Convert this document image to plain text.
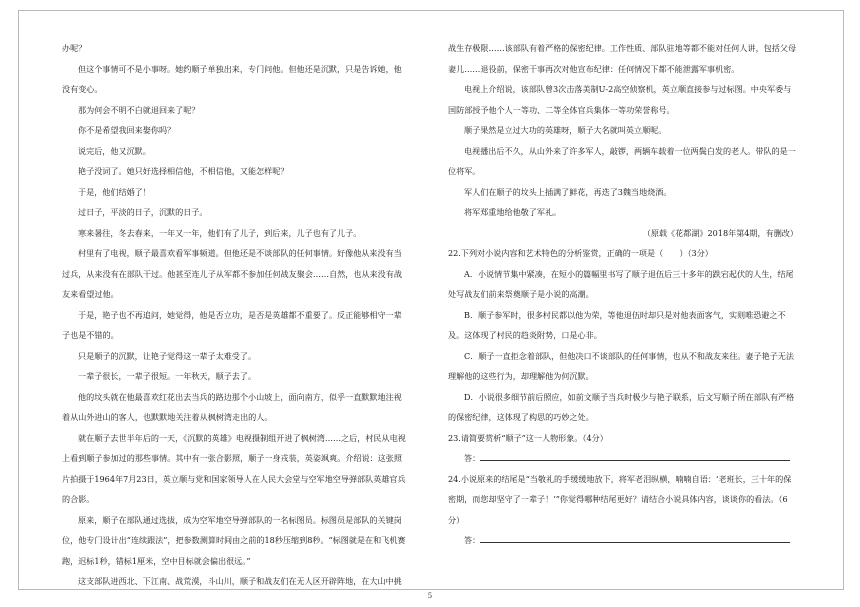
办呢？

但这个事情可不是小事呀。她约顺子单独出来，专门问他。但他还是沉默，只是告诉她，他没有变心。

那为何会不明不白就退回来了呢？

你不是希望我回来娶你吗？

说完后，他又沉默。

艳子没词了。她只好选择相信他，不相信他，又能怎样呢？

于是，他们结婚了！

过日子，平淡的日子，沉默的日子。

寒来暑往，冬去春来，一年又一年，他们有了儿子，到后来，儿子也有了儿子。

村里有了电视，顺子最喜欢看军事频道。但他还是不谈部队的任何事情。好像他从来没有当过兵，从来没有在部队干过。他甚至连儿子从军都不参加任何战友聚会……自然，也从来没有战友来看望过他。

于是，艳子也不再追问，她觉得，他是否立功，是否是英雄都不重要了。反正能够相守一辈子也是不错的。

只是顺子的沉默，让艳子觉得这一辈子太难受了。

一辈子很长，一辈子很短。一年秋天，顺子去了。

他的坟头就在他最喜欢红花出去当兵的路边那个小山坡上，面向南方，似乎一直默默地注视着从山外进山的客人，也默默地关注着从枫树湾走出的人。

就在顺子去世半年后的一天，《沉默的英雄》电视摄制组开进了枫树湾……之后，村民从电视上看到顺子参加过的那些事情。其中有一张合影照，顺子一身戎装，英姿飒爽。介绍说：这张照片拍摄于1964年7月23日，英立顺与党和国家领导人在人民大会堂与空军地空导弹部队英雄官兵的合影。

原来，顺子在部队通过选拔，成为空军地空导弹部队的一名标图员。标图员是部队的关键岗位，他专门设计出“连续跟法”，把参数测算时间由之前的18秒压缩到8秒。“标图就是在和飞机赛跑，迟标1秒，错标1厘米，空中目标就会偏出很远。”

这支部队进西北、下江南、战荒漠，斗山川，顺子和战友们在无人区开辟阵地，在大山中挑

战生存极限……该部队有着严格的保密纪律。工作性质、部队驻地等都不能对任何人讲，包括父母妻儿……退役前，保密干事再次对他宣布纪律：任何情况下都不能泄露军事机密。

电视上介绍说，该部队曾3次击落美制U-2高空侦察机，英立顺直接参与过标图。中央军委与国防部授予他个人一等功、二等全体官兵集体一等功荣誉称号。

顺子果然是立过大功的英雄呀，顺子大名就叫英立顺呢。

电视播出后不久，从山外来了许多军人，敲锣，两辆车载着一位两鬓白发的老人。带队的是一位将军。

军人们在顺子的坟头上插满了鲜花，再迭了3魏当地烧酒。

将军郑重地给他敬了军礼。

（原载《花都湖》2018年第4期，有删改）

22.下列对小说内容和艺术特色的分析鉴赏，正确的一项是（　　）（3分）

A．小说情节集中紧凑，在短小的篇幅里书写了顺子退伍后三十多年的跌宕起伏的人生，结尾处写战友们前来祭奠顺子是小说的高潮。

B．顺子参军时，很多村民都以他为荣，等他退伍时却只是对他表面客气，实则唯恐避之不及。这体现了村民的趋炎附势，口是心非。

C．顺子一直拒念着部队，但他决口不谈部队的任何事情，也从不和战友来往。妻子艳子无法理解他的这些行为，却理解他为何沉默。

D．小说很多细节前后照应，如前文顺子当兵时极少与艳子联系，后文写顺子所在部队有严格的保密纪律，这体现了构思的巧妙之处。

23.请简要赏析“顺子”这一人物形象。（4分）

答：

24.小说原来的结尾是“当敬礼的手缓缓地放下，将军老泪纵横，喃喃自语：‘老班长，三十年的保密期，而您却坚守了一辈子！’”你觉得哪种结尾更好？请结合小说具体内容，谈谈你的看法。（6分）

答：

5
